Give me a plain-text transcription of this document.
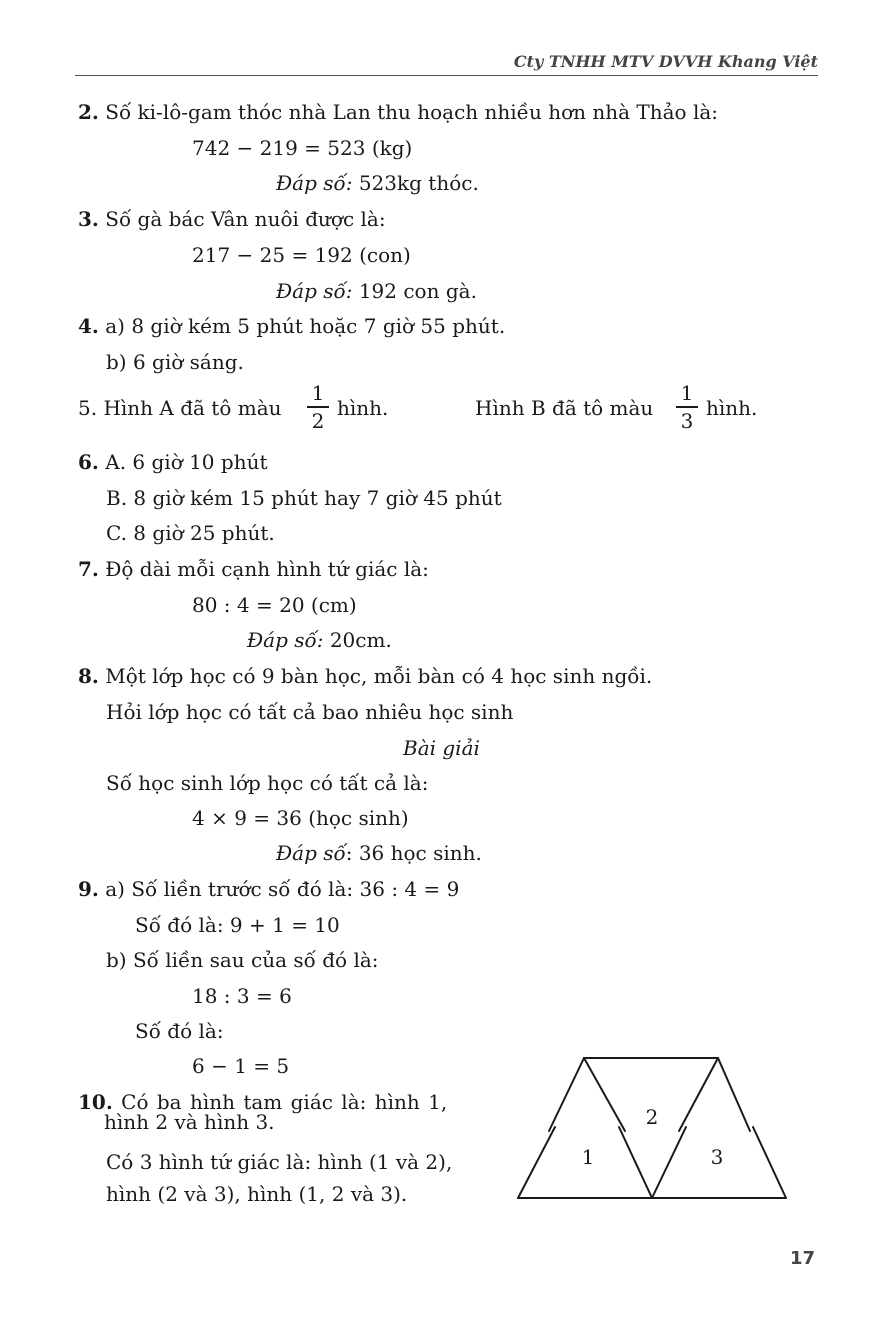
Cty TNHH MTV DVVH Khang Việt
2. Số ki-lô-gam thóc nhà Lan thu hoạch nhiều hơn nhà Thảo là:
742 − 219 = 523 (kg)
Đáp số: 523kg thóc.
3. Số gà bác Vân nuôi được là:
217 − 25 = 192 (con)
Đáp số: 192 con gà.
4. a) 8 giờ kém 5 phút hoặc 7 giờ 55 phút.
b) 6 giờ sáng.
5. Hình A đã tô màu
1
2
hình.	Hình B đã tô màu
1
3
hình.
6. A. 6 giờ 10 phút
B. 8 giờ kém 15 phút hay 7 giờ 45 phút
C. 8 giờ 25 phút.
7. Độ dài mỗi cạnh hình tứ giác là:
80 : 4 = 20 (cm)
Đáp số: 20cm.
8. Một lớp học có 9 bàn học, mỗi bàn có 4 học sinh ngồi.
Hỏi lớp học có tất cả bao nhiêu học sinh
Bài giải
Số học sinh lớp học có tất cả là:
4 × 9 = 36 (học sinh)
Đáp số: 36 học sinh.
9. a) Số liền trước số đó là: 36 : 4 = 9
Số đó là: 9 + 1 = 10
b) Số liền sau của số đó là:
18 : 3 = 6
Số đó là:
6 − 1 = 5
10. Có ba hình tam giác là: hình 1,
hình 2 và hình 3.
Có 3 hình tứ giác là: hình (1 và 2),
hình (2 và 3), hình (1, 2 và 3).
1
2
3
17
